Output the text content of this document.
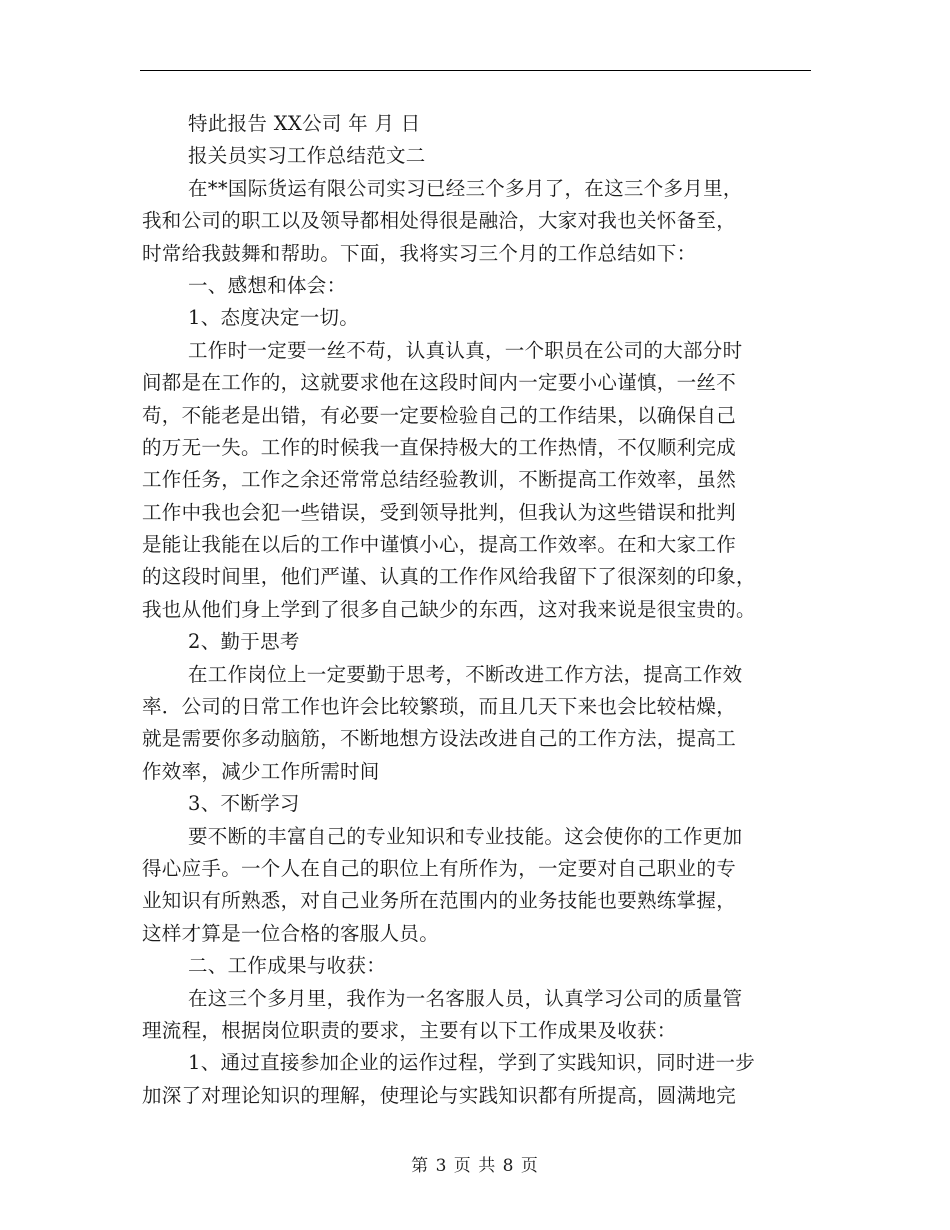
特此报告 XX公司 年 月 日
报关员实习工作总结范文二
在**国际货运有限公司实习已经三个多月了，在这三个多月里，
我和公司的职工以及领导都相处得很是融洽，大家对我也关怀备至，
时常给我鼓舞和帮助。下面，我将实习三个月的工作总结如下：
一、感想和体会：
1、态度决定一切。
工作时一定要一丝不苟，认真认真，一个职员在公司的大部分时
间都是在工作的，这就要求他在这段时间内一定要小心谨慎，一丝不
苟，不能老是出错，有必要一定要检验自己的工作结果，以确保自己
的万无一失。工作的时候我一直保持极大的工作热情，不仅顺利完成
工作任务，工作之余还常常总结经验教训，不断提高工作效率，虽然
工作中我也会犯一些错误，受到领导批判，但我认为这些错误和批判
是能让我能在以后的工作中谨慎小心，提高工作效率。在和大家工作
的这段时间里，他们严谨、认真的工作作风给我留下了很深刻的印象，
我也从他们身上学到了很多自己缺少的东西，这对我来说是很宝贵的。
2、勤于思考
在工作岗位上一定要勤于思考，不断改进工作方法，提高工作效
率．公司的日常工作也许会比较繁琐，而且几天下来也会比较枯燥，
就是需要你多动脑筋，不断地想方设法改进自己的工作方法，提高工
作效率，减少工作所需时间
3、不断学习
要不断的丰富自己的专业知识和专业技能。这会使你的工作更加
得心应手。一个人在自己的职位上有所作为，一定要对自己职业的专
业知识有所熟悉，对自己业务所在范围内的业务技能也要熟练掌握，
这样才算是一位合格的客服人员。
二、工作成果与收获：
在这三个多月里，我作为一名客服人员，认真学习公司的质量管
理流程，根据岗位职责的要求，主要有以下工作成果及收获：
1、通过直接参加企业的运作过程，学到了实践知识，同时进一步
加深了对理论知识的理解，使理论与实践知识都有所提高，圆满地完
第 3 页 共 8 页
